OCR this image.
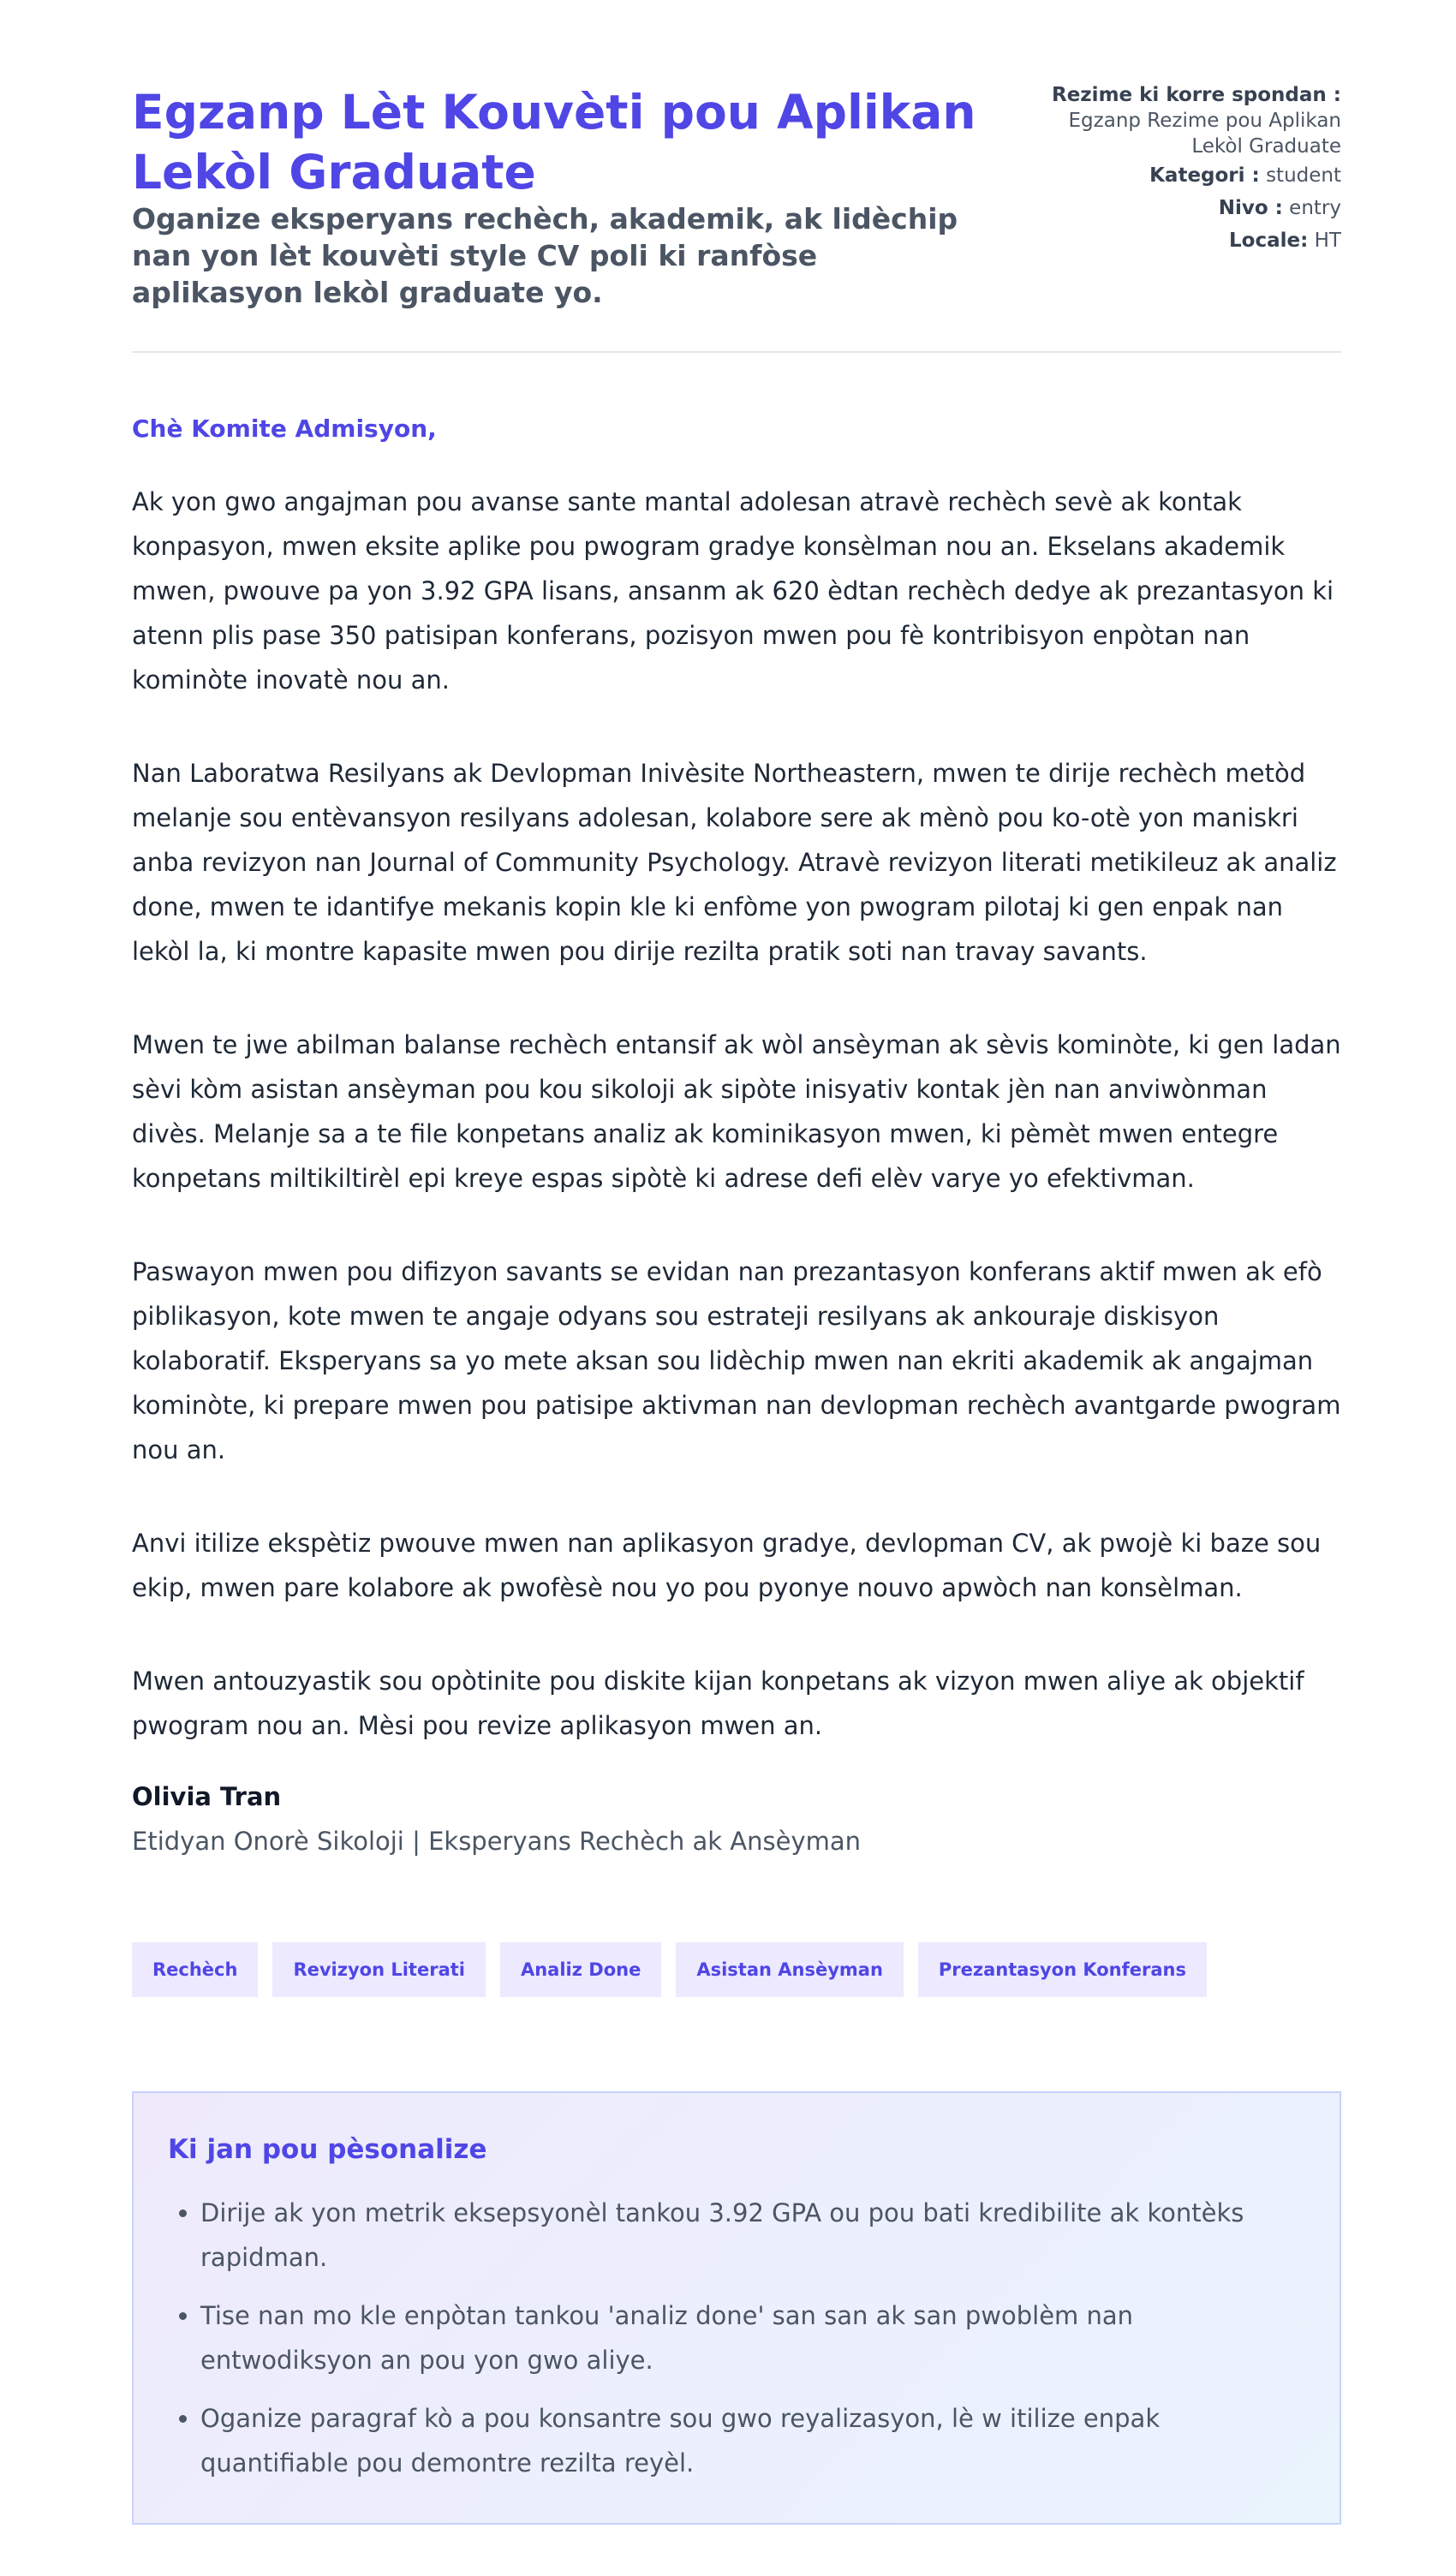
Egzanp Lèt Kouvèti pou Aplikan Lekòl Graduate

Oganize eksperyans rechèch, akademik, ak lidèchip nan yon lèt kouvèti style CV poli ki ranfòse aplikasyon lekòl graduate yo.

Rezime ki korre spondan :

Egzanp Rezime pou Aplikan Lekòl Graduate

Kategori : student

Nivo : entry

Locale: HT

Chè Komite Admisyon,

Ak yon gwo angajman pou avanse sante mantal adolesan atravè rechèch sevè ak kontak konpasyon, mwen eksite aplike pou pwogram gradye konsèlman nou an. Ekselans akademik mwen, pwouve pa yon 3.92 GPA lisans, ansanm ak 620 èdtan rechèch dedye ak prezantasyon ki atenn plis pase 350 patisipan konferans, pozisyon mwen pou fè kontribisyon enpòtan nan kominòte inovatè nou an.

Nan Laboratwa Resilyans ak Devlopman Inivèsite Northeastern, mwen te dirije rechèch metòd melanje sou entèvansyon resilyans adolesan, kolabore sere ak mènò pou ko-otè yon maniskri anba revizyon nan Journal of Community Psychology. Atravè revizyon literati metikileuz ak analiz done, mwen te idantifye mekanis kopin kle ki enfòme yon pwogram pilotaj ki gen enpak nan lekòl la, ki montre kapasite mwen pou dirije rezilta pratik soti nan travay savants.

Mwen te jwe abilman balanse rechèch entansif ak wòl ansèyman ak sèvis kominòte, ki gen ladan sèvi kòm asistan ansèyman pou kou sikoloji ak sipòte inisyativ kontak jèn nan anviwònman divès. Melanje sa a te file konpetans analiz ak kominikasyon mwen, ki pèmèt mwen entegre konpetans miltikiltirèl epi kreye espas sipòtè ki adrese defi elèv varye yo efektivman.

Paswayon mwen pou difizyon savants se evidan nan prezantasyon konferans aktif mwen ak efò piblikasyon, kote mwen te angaje odyans sou estrateji resilyans ak ankouraje diskisyon kolaboratif. Eksperyans sa yo mete aksan sou lidèchip mwen nan ekriti akademik ak angajman kominòte, ki prepare mwen pou patisipe aktivman nan devlopman rechèch avantgarde pwogram nou an.

Anvi itilize ekspètiz pwouve mwen nan aplikasyon gradye, devlopman CV, ak pwojè ki baze sou ekip, mwen pare kolabore ak pwofèsè nou yo pou pyonye nouvo apwòch nan konsèlman.

Mwen antouzyastik sou opòtinite pou diskite kijan konpetans ak vizyon mwen aliye ak objektif pwogram nou an. Mèsi pou revize aplikasyon mwen an.

Olivia Tran

Etidyan Onorè Sikoloji | Eksperyans Rechèch ak Ansèyman

Rechèch	Revizyon Literati	Analiz Done	Asistan Ansèyman	Prezantasyon Konferans

Ki jan pou pèsonalize

• Dirije ak yon metrik eksepsyonèl tankou 3.92 GPA ou pou bati kredibilite ak kontèks rapidman.
• Tise nan mo kle enpòtan tankou 'analiz done' san san ak san pwoblèm nan entwodiksyon an pou yon gwo aliye.
• Oganize paragraf kò a pou konsantre sou gwo reyalizasyon, lè w itilize enpak quantifiable pou demontre rezilta reyèl.
